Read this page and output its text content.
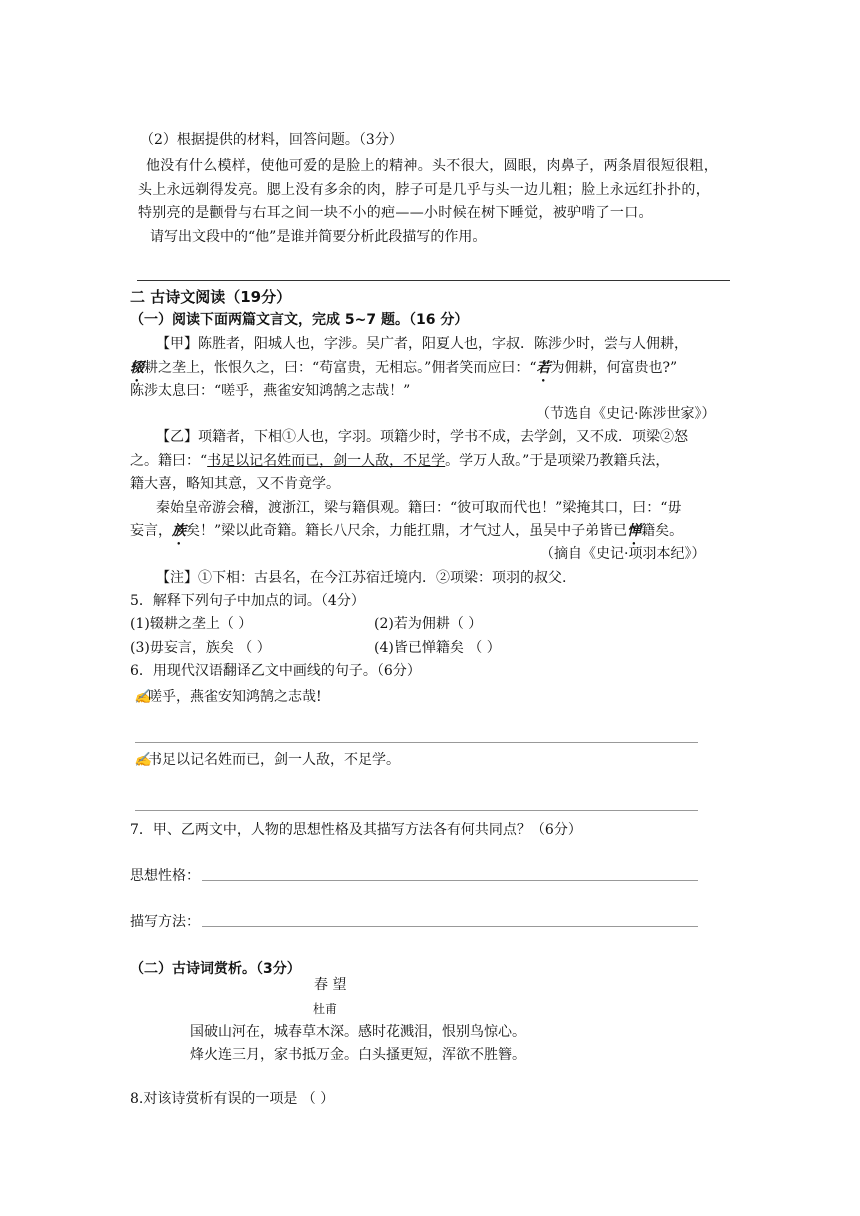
（2）根据提供的材料，回答问题。（3分）
他没有什么模样，使他可爱的是脸上的精神。头不很大，圆眼，肉鼻子，两条眉很短很粗，
头上永远剃得发亮。腮上没有多余的肉，脖子可是几乎与头一边儿粗；脸上永远红扑扑的，
特别亮的是颧骨与右耳之间一块不小的疤——小时候在树下睡觉，被驴啃了一口。
请写出文段中的“他”是谁并简要分析此段描写的作用。
二 古诗文阅读（19分）
（一）阅读下面两篇文言文，完成 5~7 题。（16 分）
【甲】陈胜者，阳城人也，字涉。吴广者，阳夏人也，字叔．陈涉少时，尝与人佣耕，
辍耕之垄上，怅恨久之，曰：“苟富贵，无相忘。”佣者笑而应曰：“若为佣耕，何富贵也?”
陈涉太息曰：“嗟乎，燕雀安知鸿鹄之志哉！”
（节选自《史记·陈涉世家》）
【乙】项籍者，下相①人也，字羽。项籍少时，学书不成，去学剑，又不成．项梁②怒
之。籍曰：“书足以记名姓而已，剑一人敌，不足学。学万人敌。”于是项梁乃教籍兵法，
籍大喜，略知其意，又不肯竟学。
秦始皇帝游会稽，渡浙江，梁与籍俱观。籍曰：“彼可取而代也！”梁掩其口，曰：“毋
妄言，族矣！”梁以此奇籍。籍长八尺余，力能扛鼎，才气过人，虽吴中子弟皆已惮籍矣。
（摘自《史记·项羽本纪》）
【注】①下相：古县名，在今江苏宿迁境内．②项梁：项羽的叔父.
5．解释下列句子中加点的词。（4分）
(1)辍耕之垄上（ ）	(2)若为佣耕（ ）
(3)毋妄言，族矣 （ ）	(4)皆已惮籍矣 （ ）
6．用现代汉语翻译乙文中画线的句子。（6分）
✍嗟乎，燕雀安知鸿鹄之志哉!
✍书足以记名姓而已，剑一人敌，不足学。
7．甲、乙两文中，人物的思想性格及其描写方法各有何共同点？（6分）
思想性格：
描写方法：
（二）古诗词赏析。（3分）
春 望
杜甫
国破山河在，城春草木深。感时花溅泪，恨别鸟惊心。
烽火连三月，家书抵万金。白头搔更短，浑欲不胜簪。
8.对该诗赏析有误的一项是 （ ）
